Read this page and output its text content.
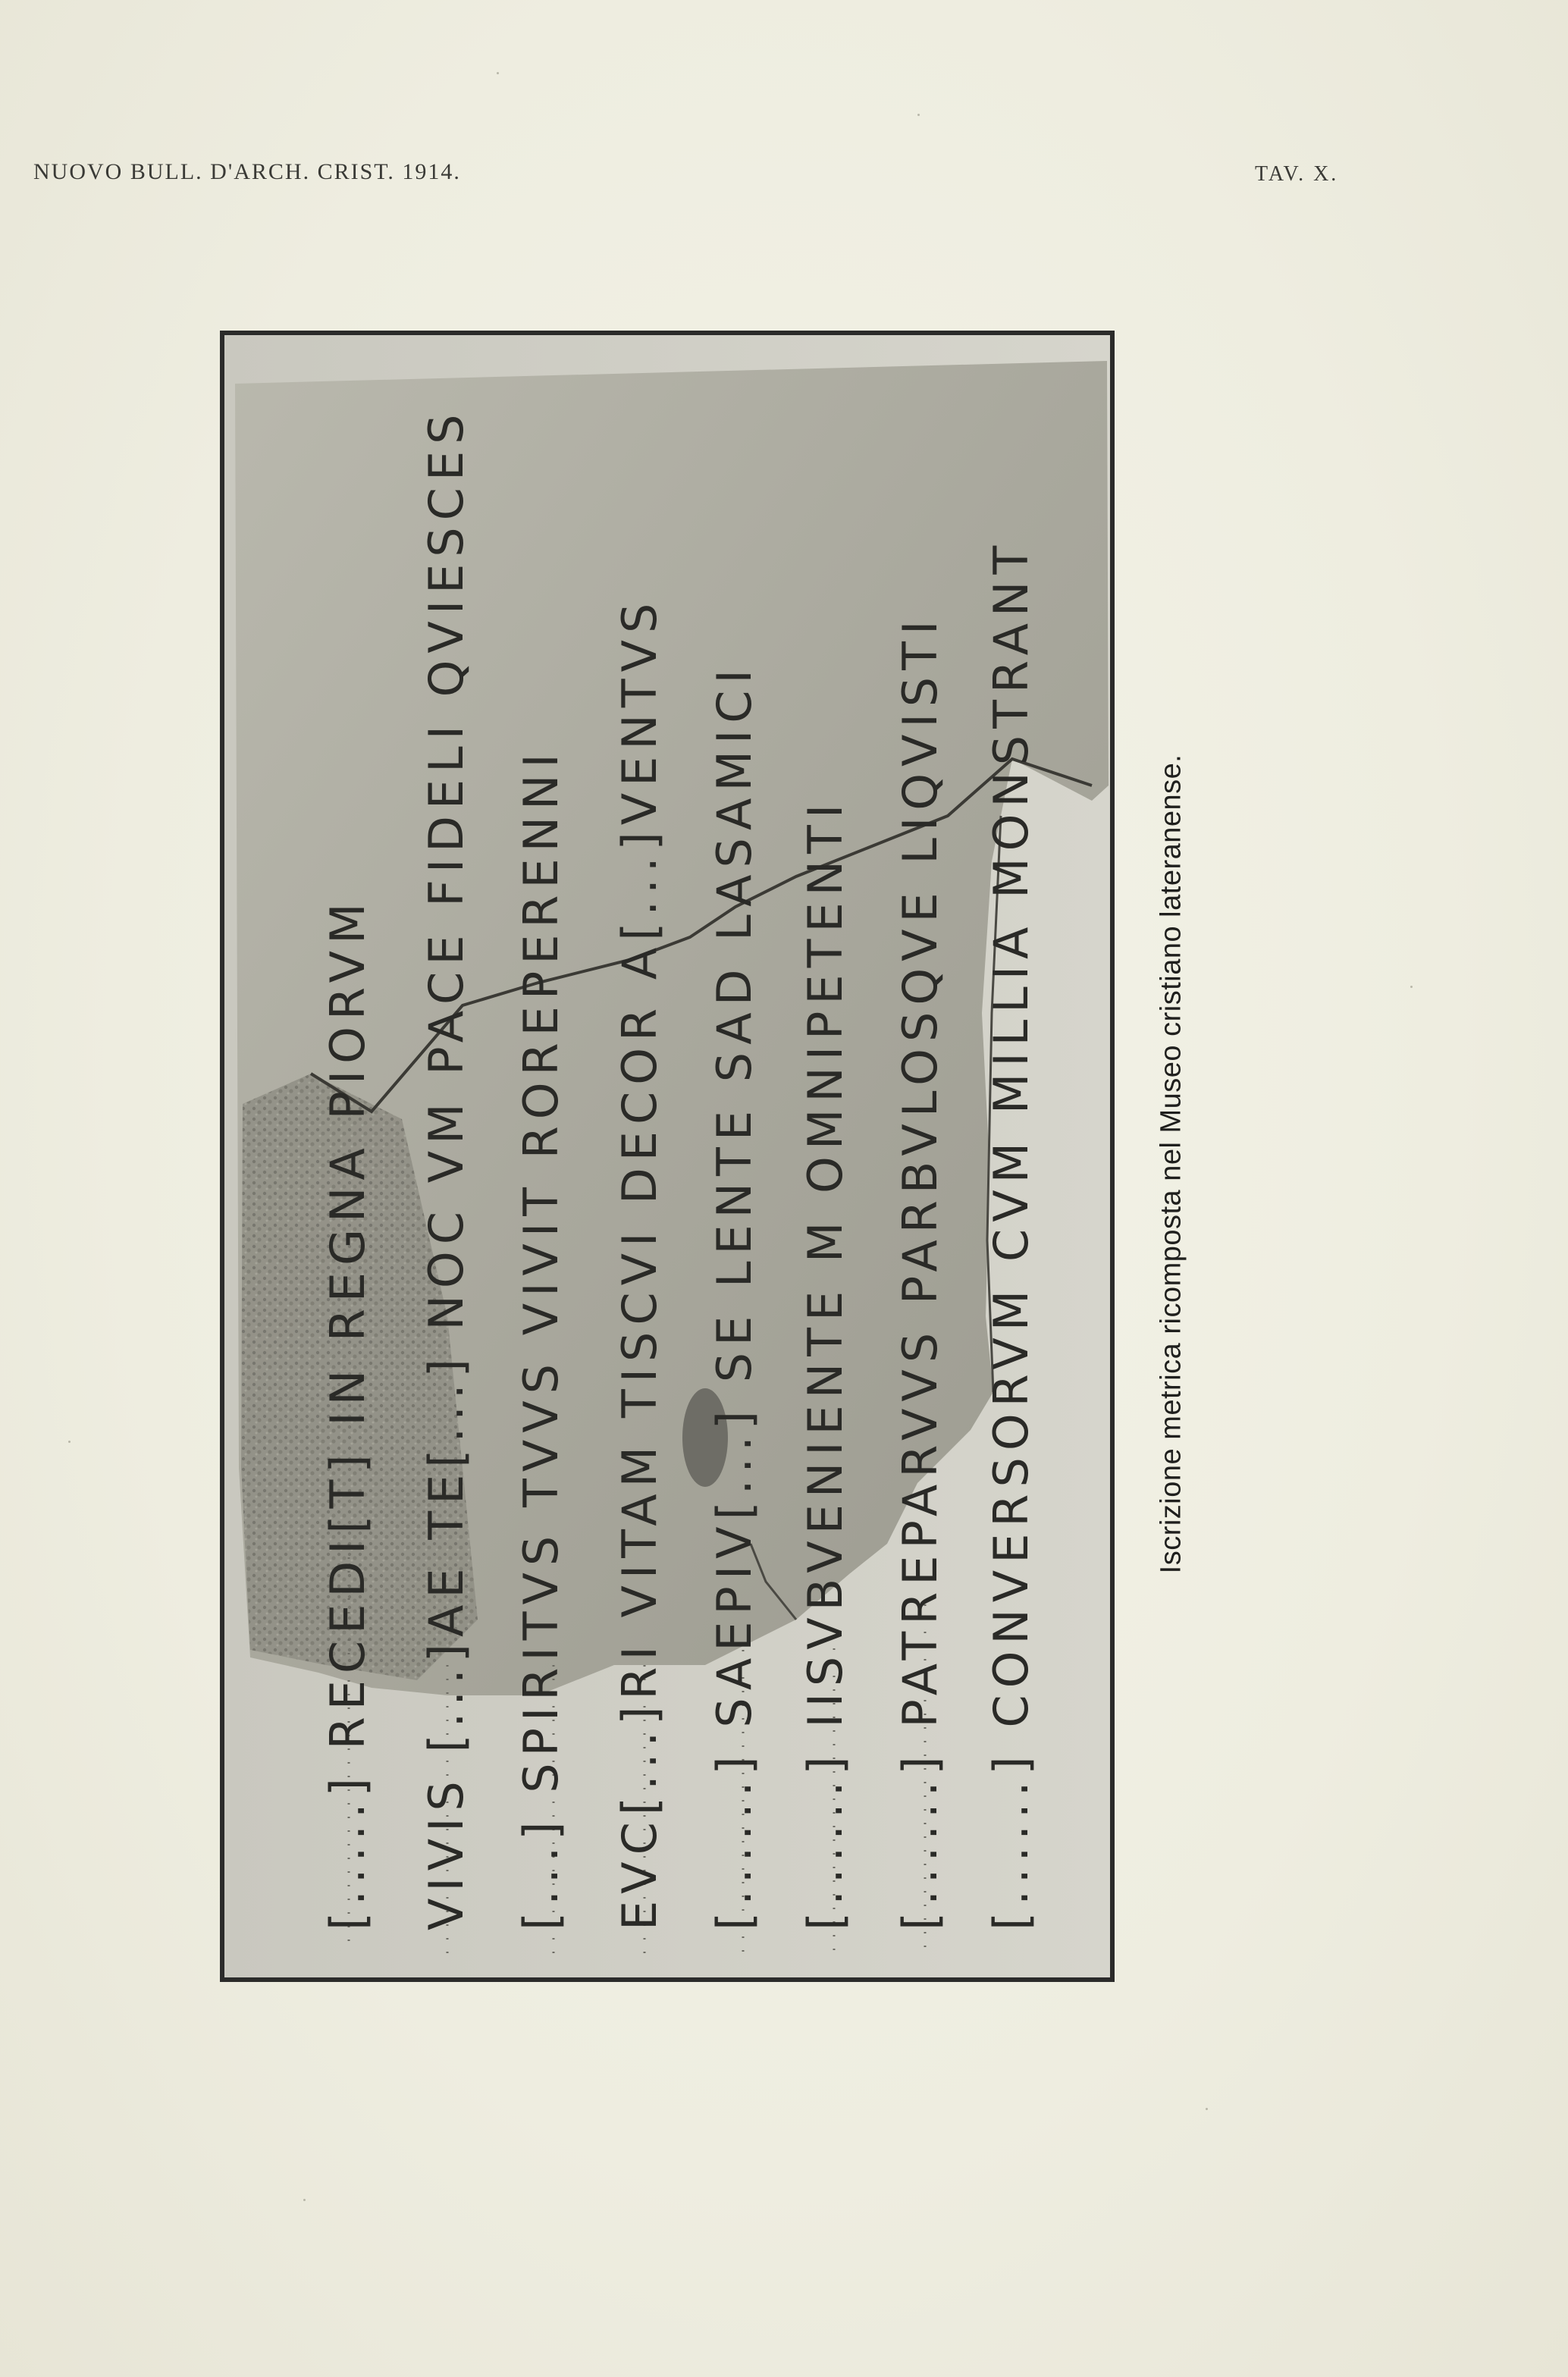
NUOVO BULL. D'ARCH. CRIST. 1914.	TAV. X.
[.....] RECEDI[T] IN REGNA PIORVM VIVIS [...]AE TE[...] NOC VM PACE FIDELI QVIESCES [...] SPIRITVS TVVS VIVIT ROREPERENNI EVC[...]RI VITAM TISCVI DECOR A[...]VENTVS [......] SAEPIV[...] SE LENTE SAD LASAMICI [......] IISVBVENIENTE M OMNIPETENTI [......] PATREPARVVS PARBVLOSQVE LIQVISTI [......] CONVERSORVM CVM MILLIA MONSTRANT	Iscrizione metrica ricomposta nel Museo cristiano lateranense.
